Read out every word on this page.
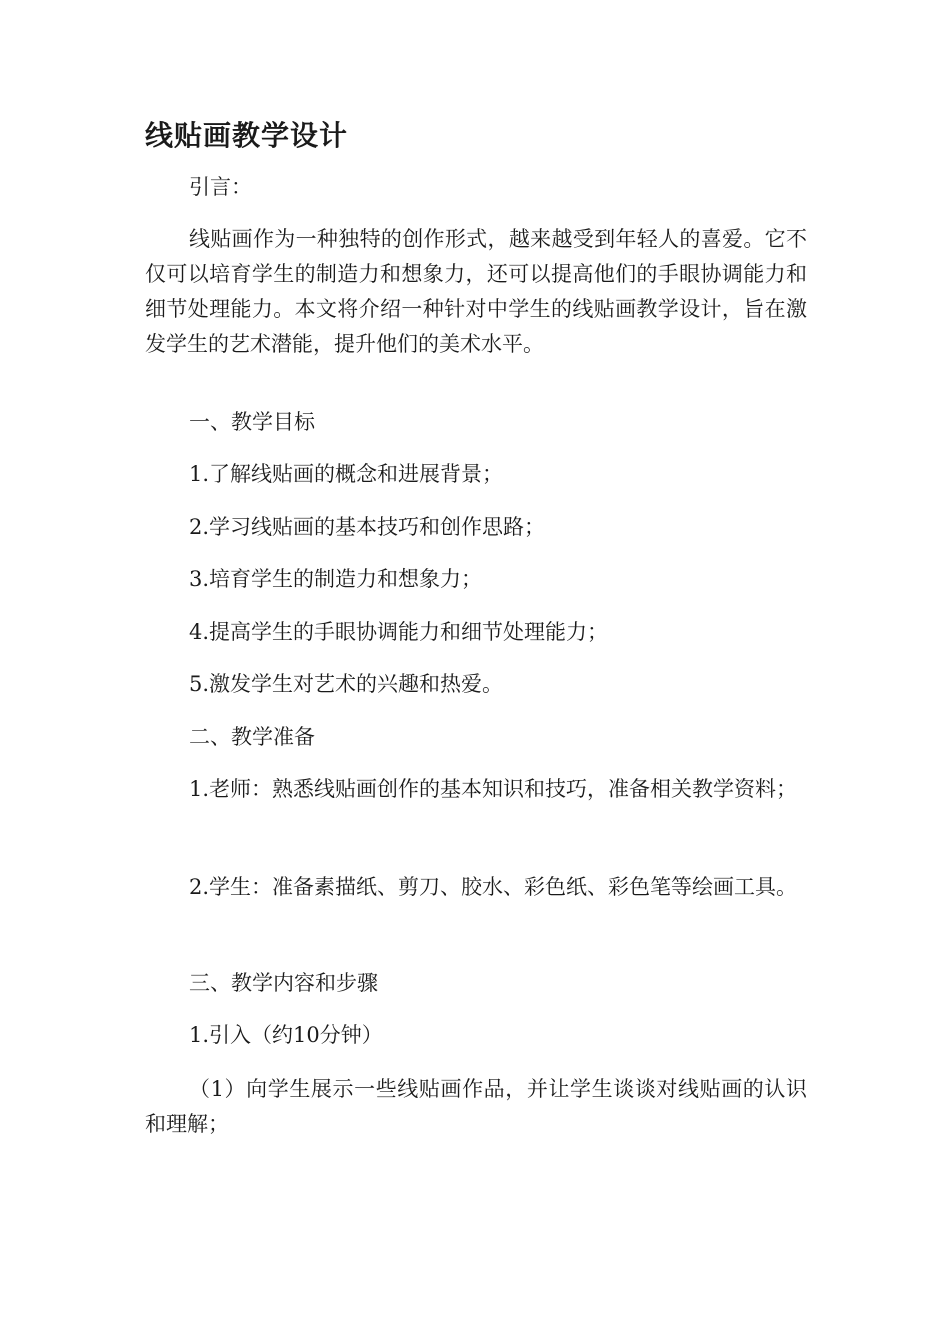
线贴画教学设计

引言：

线贴画作为一种独特的创作形式，越来越受到年轻人的喜爱。它不仅可以培育学生的制造力和想象力，还可以提高他们的手眼协调能力和细节处理能力。本文将介绍一种针对中学生的线贴画教学设计，旨在激发学生的艺术潜能，提升他们的美术水平。

一、教学目标

1.了解线贴画的概念和进展背景；

2.学习线贴画的基本技巧和创作思路；

3.培育学生的制造力和想象力；

4.提高学生的手眼协调能力和细节处理能力；

5.激发学生对艺术的兴趣和热爱。

二、教学准备

1.老师：熟悉线贴画创作的基本知识和技巧，准备相关教学资料；

2.学生：准备素描纸、剪刀、胶水、彩色纸、彩色笔等绘画工具。

三、教学内容和步骤

1.引入（约10分钟）

（1）向学生展示一些线贴画作品，并让学生谈谈对线贴画的认识和理解；
